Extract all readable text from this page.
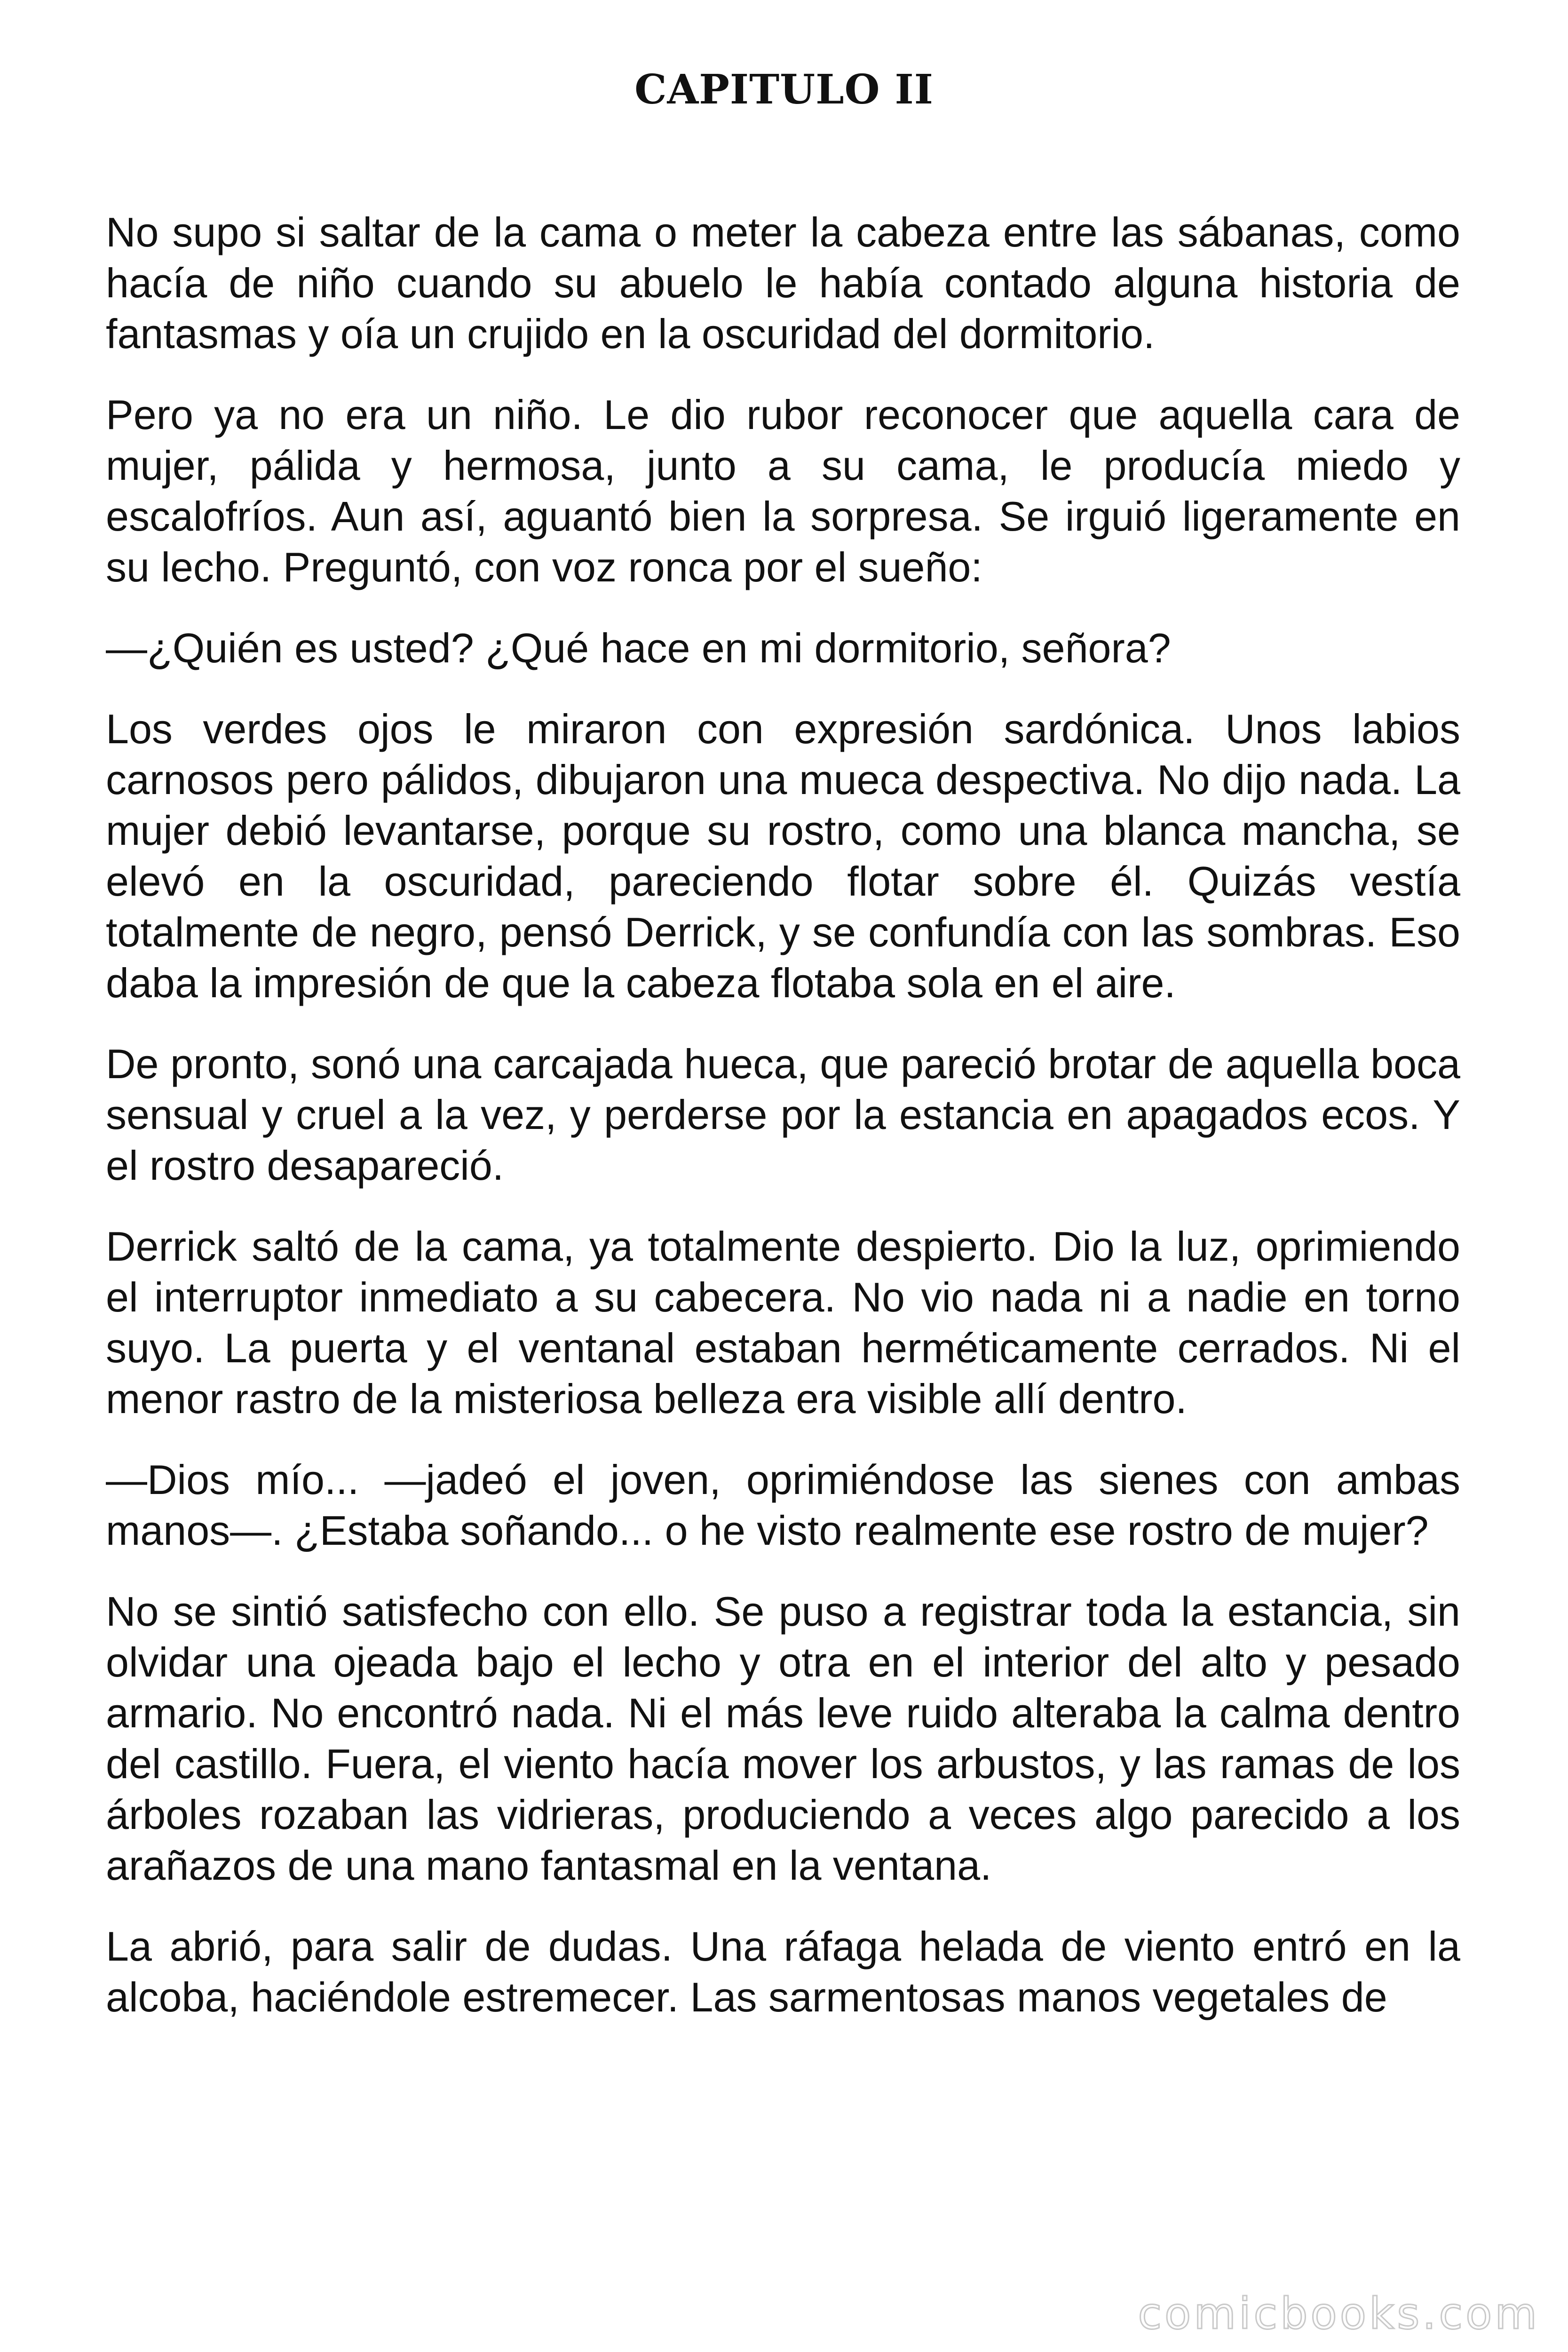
CAPITULO II

No supo si saltar de la cama o meter la cabeza entre las sábanas, como hacía de niño cuando su abuelo le había contado alguna historia de fantasmas y oía un crujido en la oscuridad del dormitorio.

Pero ya no era un niño. Le dio rubor reconocer que aquella cara de mujer, pálida y hermosa, junto a su cama, le producía miedo y escalofríos. Aun así, aguantó bien la sorpresa. Se irguió ligeramente en su lecho. Preguntó, con voz ronca por el sueño:

—¿Quién es usted? ¿Qué hace en mi dormitorio, señora?

Los verdes ojos le miraron con expresión sardónica. Unos labios carnosos pero pálidos, dibujaron una mueca despectiva. No dijo nada. La mujer debió levantarse, porque su rostro, como una blanca mancha, se elevó en la oscuridad, pareciendo flotar sobre él. Quizás vestía totalmente de negro, pensó Derrick, y se confundía con las sombras. Eso daba la impresión de que la cabeza flotaba sola en el aire.

De pronto, sonó una carcajada hueca, que pareció brotar de aquella boca sensual y cruel a la vez, y perderse por la estancia en apagados ecos. Y el rostro desapareció.

Derrick saltó de la cama, ya totalmente despierto. Dio la luz, oprimiendo el interruptor inmediato a su cabecera. No vio nada ni a nadie en torno suyo. La puerta y el ventanal estaban herméticamente cerrados. Ni el menor rastro de la misteriosa belleza era visible allí dentro.

—Dios mío... —jadeó el joven, oprimiéndose las sienes con ambas manos—. ¿Estaba soñando... o he visto realmente ese rostro de mujer?

No se sintió satisfecho con ello. Se puso a registrar toda la estancia, sin olvidar una ojeada bajo el lecho y otra en el interior del alto y pesado armario. No encontró nada. Ni el más leve ruido alteraba la calma dentro del castillo. Fuera, el viento hacía mover los arbustos, y las ramas de los árboles rozaban las vidrieras, produciendo a veces algo parecido a los arañazos de una mano fantasmal en la ventana.

La abrió, para salir de dudas. Una ráfaga helada de viento entró en la alcoba, haciéndole estremecer. Las sarmentosas manos vegetales de

comicbooks.com
